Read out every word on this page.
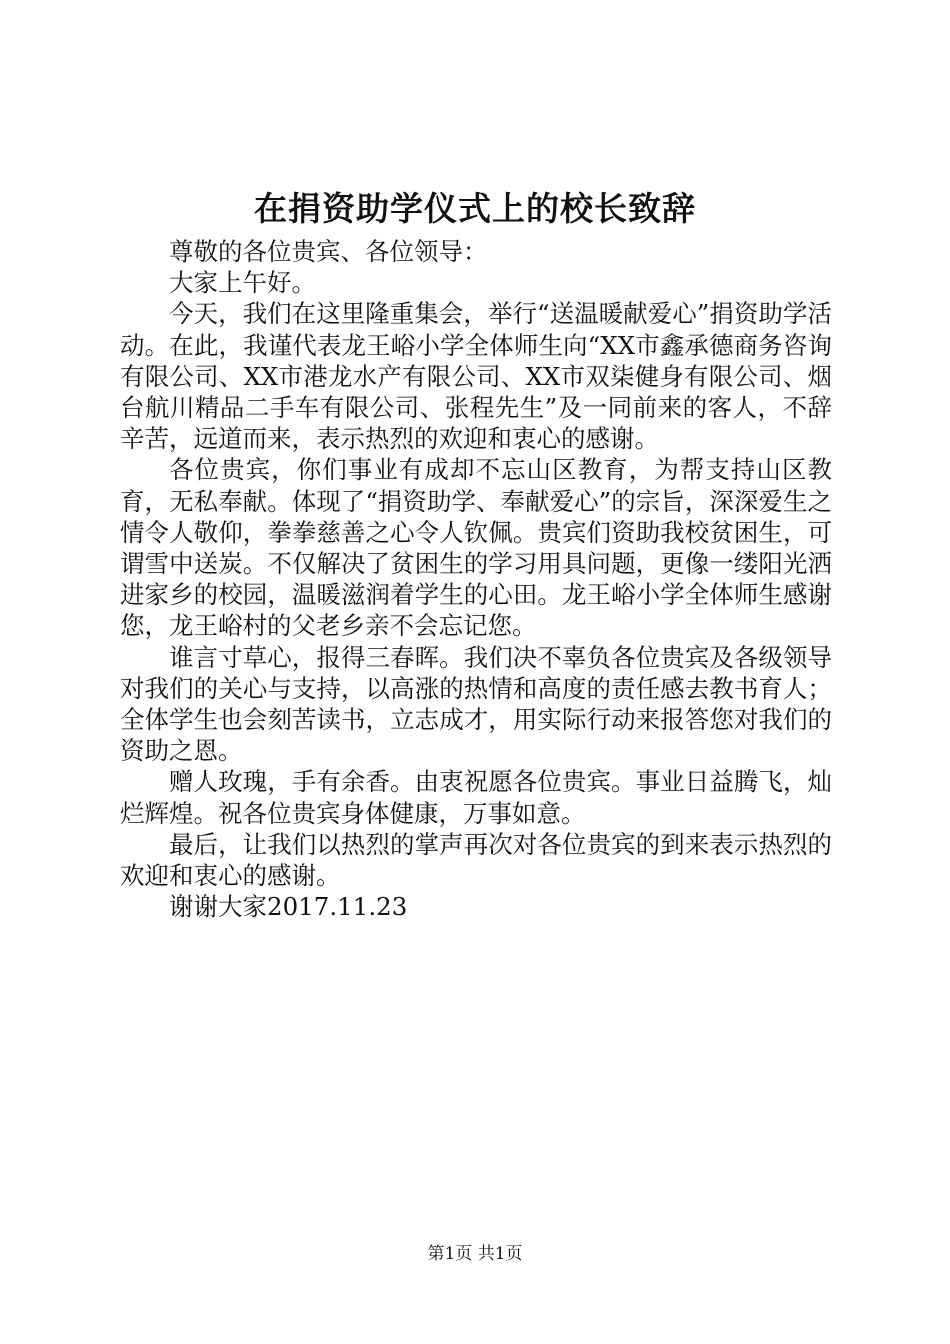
在捐资助学仪式上的校长致辞

尊敬的各位贵宾、各位领导：

大家上午好。

今天，我们在这里隆重集会，举行“送温暖献爱心”捐资助学活动。在此，我谨代表龙王峪小学全体师生向“XX市鑫承德商务咨询有限公司、XX市港龙水产有限公司、XX市双柒健身有限公司、烟台航川精品二手车有限公司、张程先生”及一同前来的客人，不辞辛苦，远道而来，表示热烈的欢迎和衷心的感谢。

各位贵宾，你们事业有成却不忘山区教育，为帮支持山区教育，无私奉献。体现了“捐资助学、奉献爱心”的宗旨，深深爱生之情令人敬仰，拳拳慈善之心令人钦佩。贵宾们资助我校贫困生，可谓雪中送炭。不仅解决了贫困生的学习用具问题，更像一缕阳光洒进家乡的校园，温暖滋润着学生的心田。龙王峪小学全体师生感谢您，龙王峪村的父老乡亲不会忘记您。

谁言寸草心，报得三春晖。我们决不辜负各位贵宾及各级领导对我们的关心与支持，以高涨的热情和高度的责任感去教书育人；全体学生也会刻苦读书，立志成才，用实际行动来报答您对我们的资助之恩。

赠人玫瑰，手有余香。由衷祝愿各位贵宾。事业日益腾飞，灿烂辉煌。祝各位贵宾身体健康，万事如意。

最后，让我们以热烈的掌声再次对各位贵宾的到来表示热烈的欢迎和衷心的感谢。

谢谢大家2017.11.23

第1页 共1页
